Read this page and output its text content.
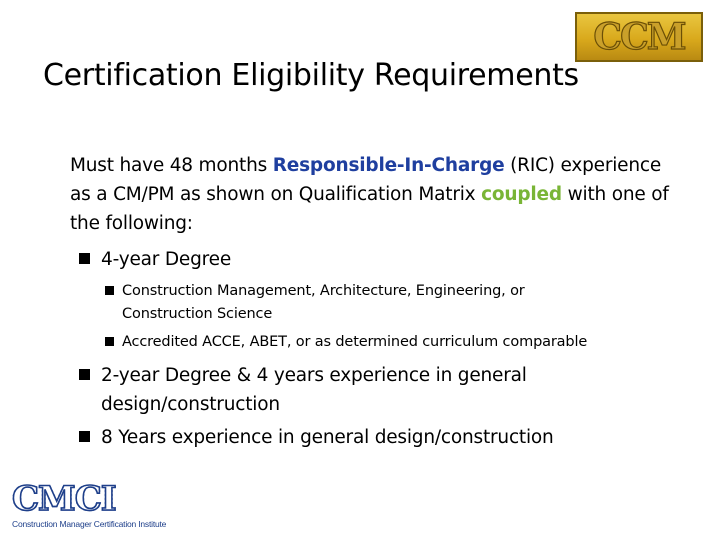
CCM
Certification Eligibility Requirements
Must have 48 months Responsible-In-Charge (RIC) experience as a CM/PM as shown on Qualification Matrix coupled with one of the following:
4-year Degree
Construction Management, Architecture, Engineering, or Construction Science
Accredited ACCE, ABET, or as determined curriculum comparable
2-year Degree & 4 years experience in general design/construction
8 Years experience in general design/construction
CMCI
Construction Manager Certification Institute
